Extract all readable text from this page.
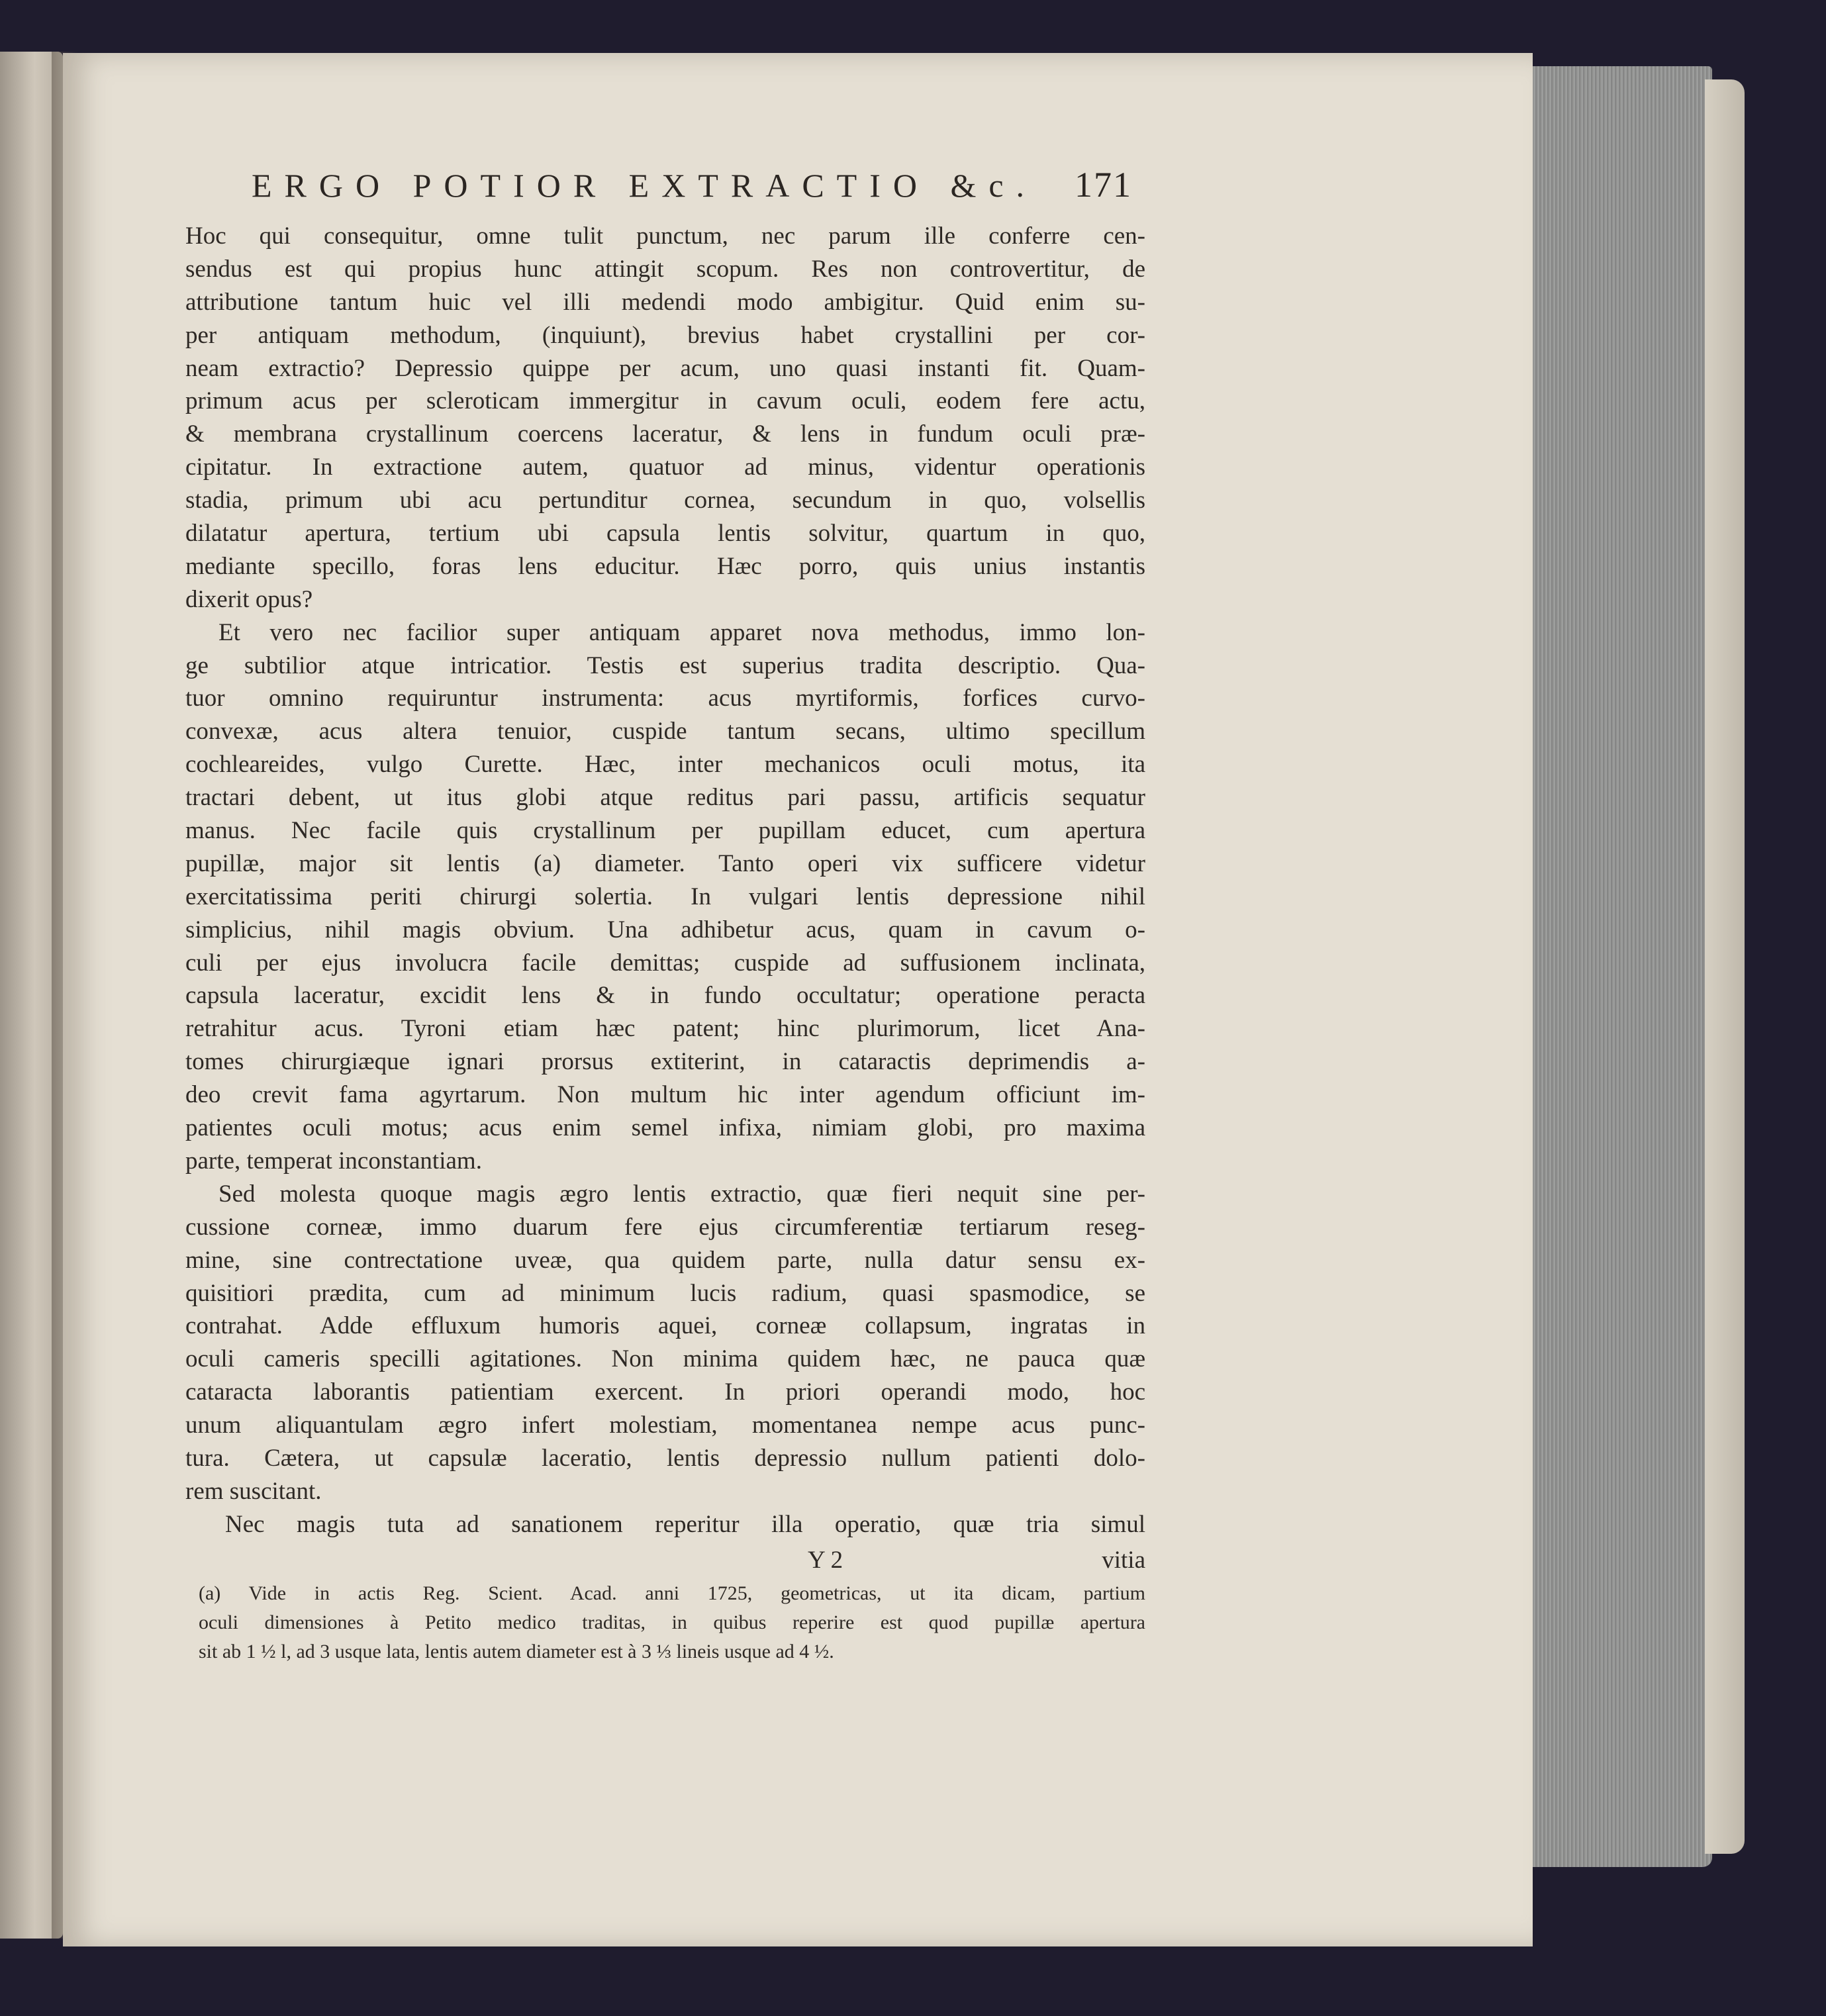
ERGO POTIOR EXTRACTIO &c. 171
Hoc qui consequitur, omne tulit punctum, nec parum ille conferre cen-
sendus est qui propius hunc attingit scopum. Res non controvertitur, de
attributione tantum huic vel illi medendi modo ambigitur. Quid enim su-
per antiquam methodum, (inquiunt), brevius habet crystallini per cor-
neam extractio? Depressio quippe per acum, uno quasi instanti fit. Quam-
primum acus per scleroticam immergitur in cavum oculi, eodem fere actu,
& membrana crystallinum coercens laceratur, & lens in fundum oculi præ-
cipitatur. In extractione autem, quatuor ad minus, videntur operationis
stadia, primum ubi acu pertunditur cornea, secundum in quo, volsellis
dilatatur apertura, tertium ubi capsula lentis solvitur, quartum in quo,
mediante specillo, foras lens educitur. Hæc porro, quis unius instantis
dixerit opus?
Et vero nec facilior super antiquam apparet nova methodus, immo lon-
ge subtilior atque intricatior. Testis est superius tradita descriptio. Qua-
tuor omnino requiruntur instrumenta: acus myrtiformis, forfices curvo-
convexæ, acus altera tenuior, cuspide tantum secans, ultimo specillum
cochleareides, vulgo Curette. Hæc, inter mechanicos oculi motus, ita
tractari debent, ut itus globi atque reditus pari passu, artificis sequatur
manus. Nec facile quis crystallinum per pupillam educet, cum apertura
pupillæ, major sit lentis (a) diameter. Tanto operi vix sufficere videtur
exercitatissima periti chirurgi solertia. In vulgari lentis depressione nihil
simplicius, nihil magis obvium. Una adhibetur acus, quam in cavum o-
culi per ejus involucra facile demittas; cuspide ad suffusionem inclinata,
capsula laceratur, excidit lens & in fundo occultatur; operatione peracta
retrahitur acus. Tyroni etiam hæc patent; hinc plurimorum, licet Ana-
tomes chirurgiæque ignari prorsus extiterint, in cataractis deprimendis a-
deo crevit fama agyrtarum. Non multum hic inter agendum officiunt im-
patientes oculi motus; acus enim semel infixa, nimiam globi, pro maxima
parte, temperat inconstantiam.
Sed molesta quoque magis ægro lentis extractio, quæ fieri nequit sine per-
cussione corneæ, immo duarum fere ejus circumferentiæ tertiarum reseg-
mine, sine contrectatione uveæ, qua quidem parte, nulla datur sensu ex-
quisitiori prædita, cum ad minimum lucis radium, quasi spasmodice, se
contrahat. Adde effluxum humoris aquei, corneæ collapsum, ingratas in
oculi cameris specilli agitationes. Non minima quidem hæc, ne pauca quæ
cataracta laborantis patientiam exercent. In priori operandi modo, hoc
unum aliquantulam ægro infert molestiam, momentanea nempe acus punc-
tura. Cætera, ut capsulæ laceratio, lentis depressio nullum patienti dolo-
rem suscitant.
Nec magis tuta ad sanationem reperitur illa operatio, quæ tria simul
Y 2	vitia
(a) Vide in actis Reg. Scient. Acad. anni 1725, geometricas, ut ita dicam, partium
oculi dimensiones à Petito medico traditas, in quibus reperire est quod pupillæ apertura
sit ab 1 ½ l, ad 3 usque lata, lentis autem diameter est à 3 ⅓ lineis usque ad 4 ½.
